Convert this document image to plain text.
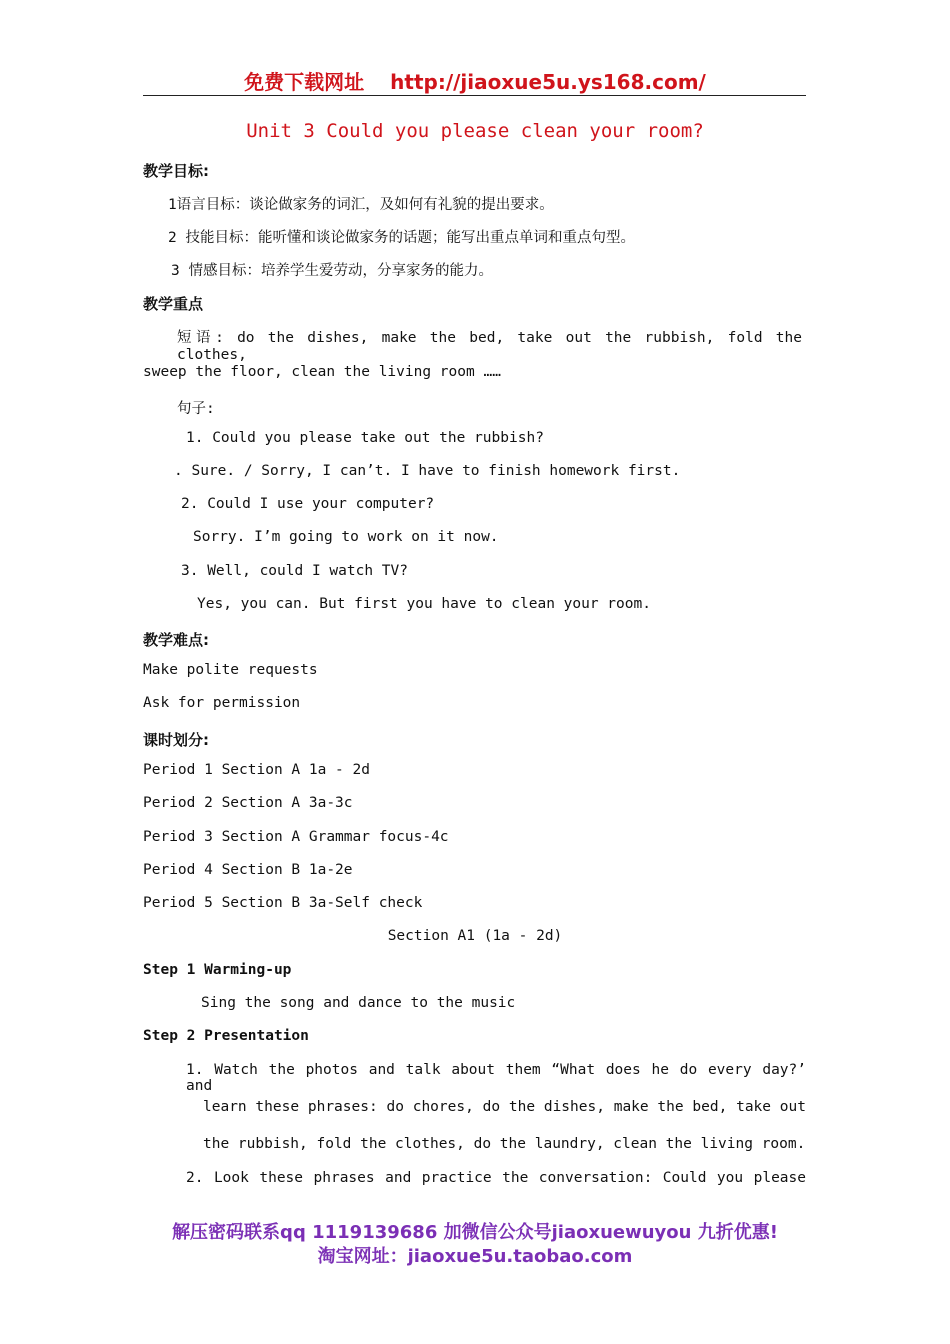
免费下载网址 http://jiaoxue5u.ys168.com/
Unit 3 Could you please clean your room?
教学目标:
1语言目标：谈论做家务的词汇，及如何有礼貌的提出要求。
2 技能目标：能听懂和谈论做家务的话题；能写出重点单词和重点句型。
3 情感目标：培养学生爱劳动，分享家务的能力。
教学重点
短语: do the dishes, make the bed, take out the rubbish, fold the clothes,
sweep the floor, clean the living room ……
句子:
1. Could you please take out the rubbish?
. Sure. / Sorry, I can’t. I have to finish homework first.
2. Could I use your computer?
Sorry. I’m going to work on it now.
3. Well, could I watch TV?
Yes, you can. But first you have to clean your room.
教学难点:
Make polite requests
Ask for permission
课时划分:
Period 1 Section A 1a - 2d
Period 2 Section A 3a-3c
Period 3 Section A Grammar focus-4c
Period 4 Section B 1a-2e
Period 5 Section B 3a-Self check
Section A1 (1a - 2d)
Step 1 Warming-up
Sing the song and dance to the music
Step 2 Presentation
1. Watch the photos and talk about them “What does he do every day?’ and
learn these phrases: do chores, do the dishes, make the bed, take out
the rubbish, fold the clothes, do the laundry, clean the living room.
2. Look these phrases and practice the conversation: Could you please
解压密码联系qq 1119139686 加微信公众号jiaoxuewuyou 九折优惠!
淘宝网址：jiaoxue5u.taobao.com
